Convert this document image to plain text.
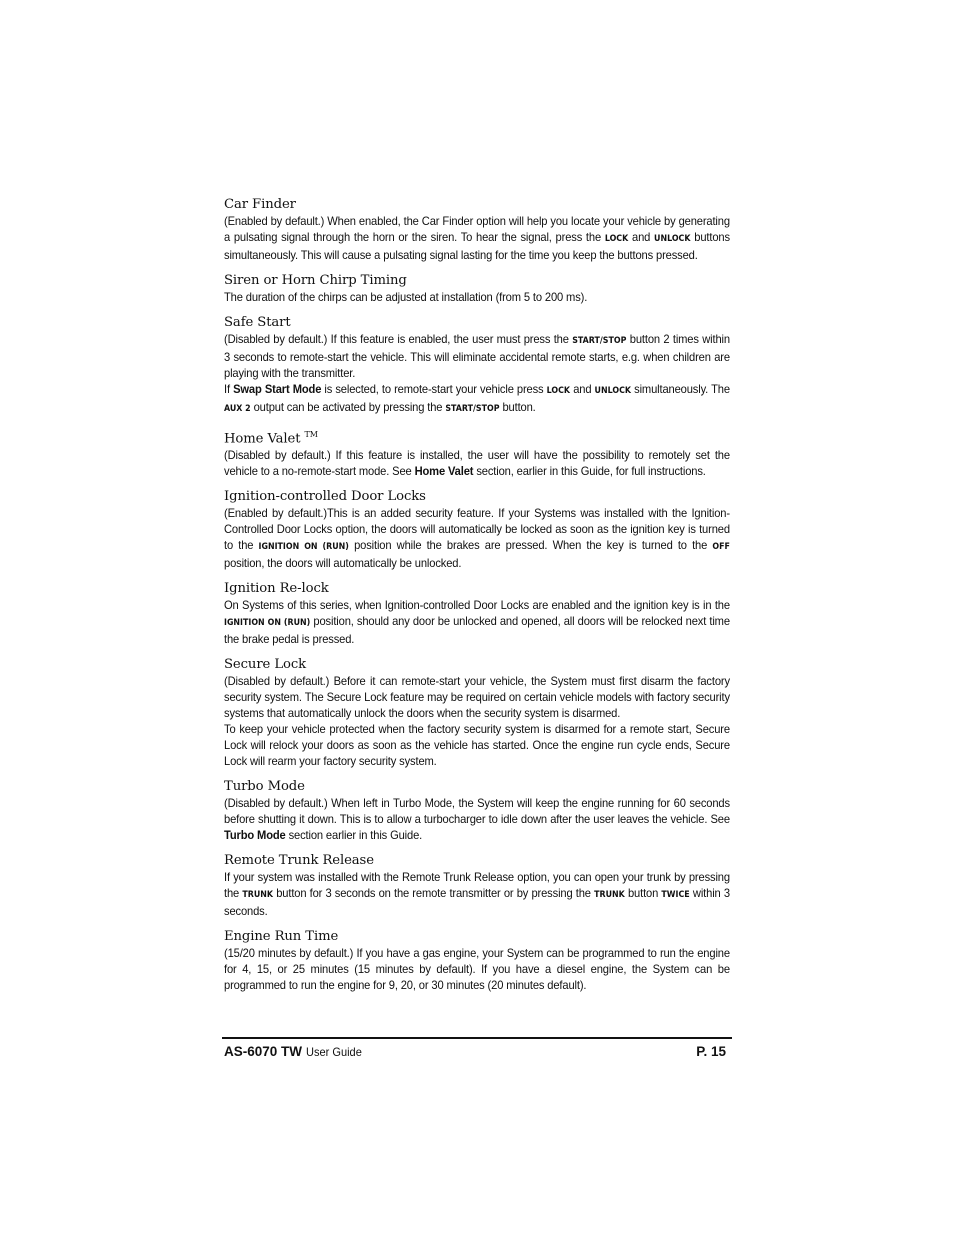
Car Finder

(Enabled by default.) When enabled, the Car Finder option will help you locate your vehicle by generating a pulsating signal through the horn or the siren. To hear the signal, press the LOCK and UNLOCK buttons simultaneously. This will cause a pulsating signal lasting for the time you keep the buttons pressed.

Siren or Horn Chirp Timing

The duration of the chirps can be adjusted at installation (from 5 to 200 ms).

Safe Start

(Disabled by default.) If this feature is enabled, the user must press the START/STOP button 2 times within 3 seconds to remote-start the vehicle. This will eliminate accidental remote starts, e.g. when children are playing with the transmitter.

If Swap Start Mode is selected, to remote-start your vehicle press LOCK and UNLOCK simultaneously. The AUX 2 output can be activated by pressing the START/STOP button.

Home Valet ™

(Disabled by default.) If this feature is installed, the user will have the possibility to remotely set the vehicle to a no-remote-start mode. See Home Valet section, earlier in this Guide, for full instructions.

Ignition-controlled Door Locks

(Enabled by default.)This is an added security feature. If your Systems was installed with the Ignition-Controlled Door Locks option, the doors will automatically be locked as soon as the ignition key is turned to the IGNITION ON (RUN) position while the brakes are pressed. When the key is turned to the OFF position, the doors will automatically be unlocked.

Ignition Re-lock

On Systems of this series, when Ignition-controlled Door Locks are enabled and the ignition key is in the IGNITION ON (RUN) position, should any door be unlocked and opened, all doors will be relocked next time the brake pedal is pressed.

Secure Lock

(Disabled by default.) Before it can remote-start your vehicle, the System must first disarm the factory security system. The Secure Lock feature may be required on certain vehicle models with factory security systems that automatically unlock the doors when the security system is disarmed.

To keep your vehicle protected when the factory security system is disarmed for a remote start, Secure Lock will relock your doors as soon as the vehicle has started. Once the engine run cycle ends, Secure Lock will rearm your factory security system.

Turbo Mode

(Disabled by default.) When left in Turbo Mode, the System will keep the engine running for 60 seconds before shutting it down. This is to allow a turbocharger to idle down after the user leaves the vehicle. See Turbo Mode section earlier in this Guide.

Remote Trunk Release

If your system was installed with the Remote Trunk Release option, you can open your trunk by pressing the TRUNK button for 3 seconds on the remote transmitter or by pressing the TRUNK button TWICE within 3 seconds.

Engine Run Time

(15/20 minutes by default.) If you have a gas engine, your System can be programmed to run the engine for 4, 15, or 25 minutes (15 minutes by default). If you have a diesel engine, the System can be programmed to run the engine for 9, 20, or 30 minutes (20 minutes default).

AS-6070 TW User Guide	P. 15
